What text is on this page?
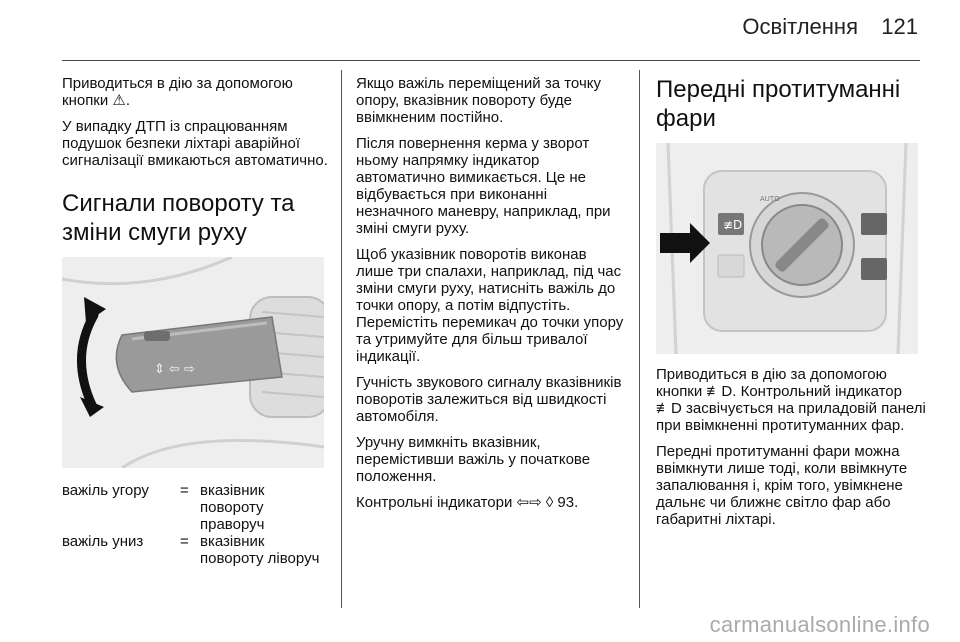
Освітлення 121

Приводиться в дію за допомогою кнопки ⚠.

У випадку ДТП із спрацюванням подушок безпеки ліхтарі аварійної сигналізації вмикаються автоматично.

Сигнали повороту та зміни смуги руху
⇕ ⇦ ⇨
важіль угору	= вказівник повороту праворуч
важіль униз	= вказівник повороту ліворуч

Якщо важіль переміщений за точку опору, вказівник повороту буде ввімкненим постійно.

Після повернення керма у зворот ньому напрямку індикатор автоматично вимикається. Це не відбувається при виконанні незначного маневру, наприклад, при зміні смуги руху.

Щоб указівник поворотів виконав лише три спалахи, наприклад, під час зміни смуги руху, натисніть важіль до точки опору, а потім відпустіть. Перемістіть перемикач до точки упору та утримуйте для більш тривалої індикації.

Гучність звукового сигналу вказівників поворотів залежиться від швидкості автомобіля.

Уручну вимкніть вказівник, перемістивши важіль у початкове положення.

Контрольні індикатори ⇦⇨ ◊ 93.

Передні протитуманні фари
≢D
AUTO

Приводиться в дію за допомогою кнопки ≢D. Контрольний індикатор ≢D засвічується на приладовій панелі при ввімкненні протитуманних фар.

Передні протитуманні фари можна ввімкнути лише тоді, коли ввімкнуте запалювання і, крім того, увімкнене дальнє чи ближнє світло фар або габаритні ліхтарі.

carmanualsonline.info
